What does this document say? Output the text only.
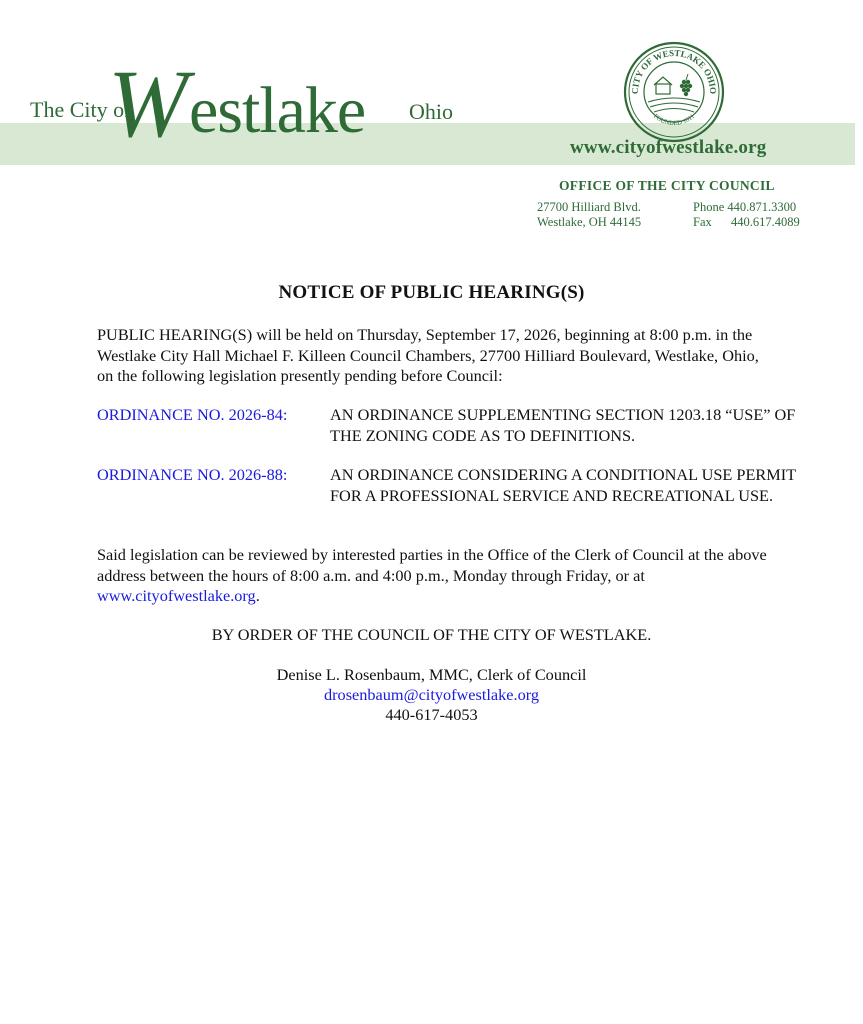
The City of
Westlake Ohio
CITY OF WESTLAKE OHIO
FOUNDED 1811
www.cityofwestlake.org
OFFICE OF THE CITY COUNCIL
27700 Hilliard Blvd.
Westlake, OH 44145
Phone 440.871.3300
Fax 440.617.4089
NOTICE OF PUBLIC HEARING(S)
PUBLIC HEARING(S) will be held on Thursday, September 17, 2026, beginning at 8:00 p.m. in the Westlake City Hall Michael F. Killeen Council Chambers, 27700 Hilliard Boulevard, Westlake, Ohio, on the following legislation presently pending before Council:
ORDINANCE NO. 2026-84:	AN ORDINANCE SUPPLEMENTING SECTION 1203.18 “USE” OF THE ZONING CODE AS TO DEFINITIONS.
ORDINANCE NO. 2026-88:	AN ORDINANCE CONSIDERING A CONDITIONAL USE PERMIT FOR A PROFESSIONAL SERVICE AND RECREATIONAL USE.
Said legislation can be reviewed by interested parties in the Office of the Clerk of Council at the above address between the hours of 8:00 a.m. and 4:00 p.m., Monday through Friday, or at www.cityofwestlake.org.
BY ORDER OF THE COUNCIL OF THE CITY OF WESTLAKE.
Denise L. Rosenbaum, MMC, Clerk of Council
drosenbaum@cityofwestlake.org
440-617-4053
